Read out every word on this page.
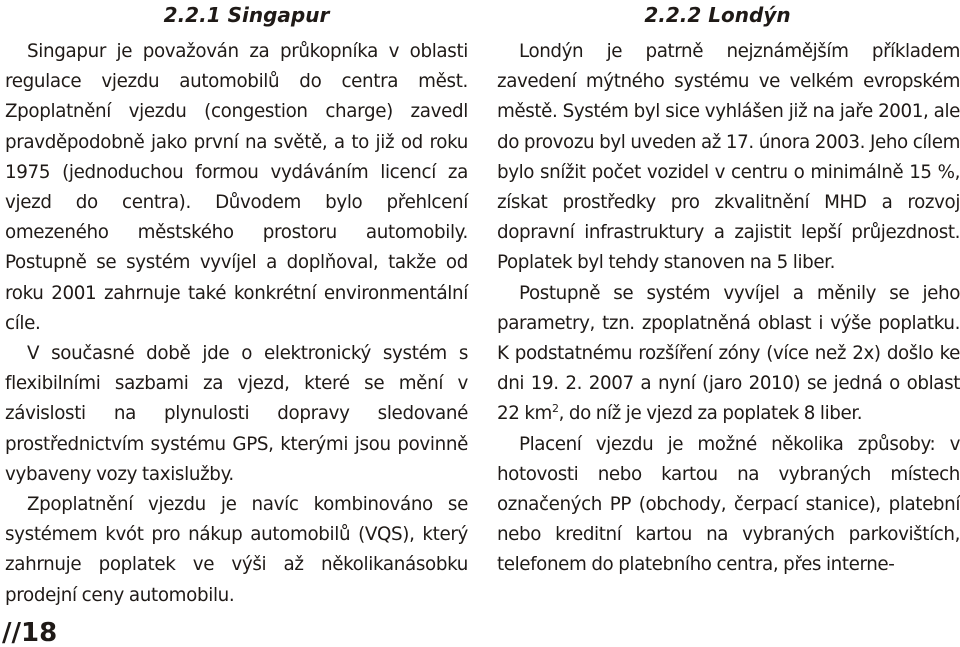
2.2.1 Singapur

Singapur je považován za průkopníka v oblasti regulace vjezdu automobilů do centra měst. Zpoplatnění vjezdu (congestion charge) zavedl pravděpodobně jako první na světě, a to již od roku 1975 (jednoduchou formou vydáváním licencí za vjezd do centra). Důvodem bylo přehlcení omezeného městského prostoru automobily. Postupně se systém vyvíjel a doplňoval, takže od roku 2001 zahrnuje také konkrétní environmentální cíle.

V současné době jde o elektronický systém s flexibilními sazbami za vjezd, které se mění v závislosti na plynulosti dopravy sledované prostřednictvím systému GPS, kterými jsou povinně vybaveny vozy taxislužby.

Zpoplatnění vjezdu je navíc kombinováno se systémem kvót pro nákup automobilů (VQS), který zahrnuje poplatek ve výši až několikanásobku prodejní ceny automobilu.

2.2.2 Londýn

Londýn je patrně nejznámějším příkladem zavedení mýtného systému ve velkém evropském městě. Systém byl sice vyhlášen již na jaře 2001, ale do provozu byl uveden až 17. února 2003. Jeho cílem bylo snížit počet vozidel v centru o minimálně 15 %, získat prostředky pro zkvalitnění MHD a rozvoj dopravní infrastruktury a zajistit lepší průjezdnost. Poplatek byl tehdy stanoven na 5 liber.

Postupně se systém vyvíjel a měnily se jeho parametry, tzn. zpoplatněná oblast i výše poplatku. K podstatnému rozšíření zóny (více než 2x) došlo ke dni 19. 2. 2007 a nyní (jaro 2010) se jedná o oblast 22 $km^2$, do níž je vjezd za poplatek 8 liber.

Placení vjezdu je možné několika způsoby: v hotovosti nebo kartou na vybraných místech označených PP (obchody, čerpací stanice), platební nebo kreditní kartou na vybraných parkovištích, telefonem do platebního centra, přes interne-

//18
